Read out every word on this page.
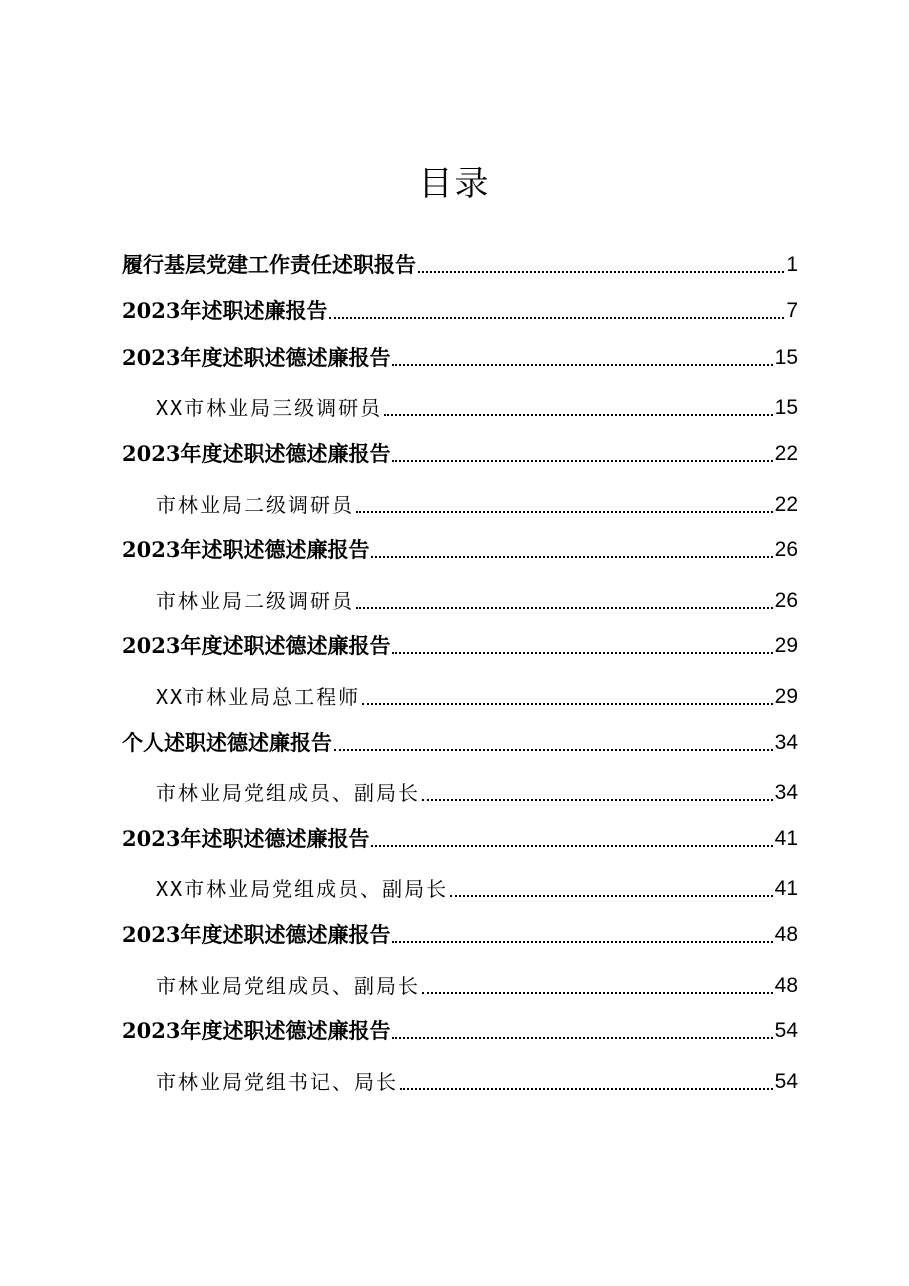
目录
履行基层党建工作责任述职报告	1
2023年述职述廉报告	7
2023年度述职述德述廉报告	15
XX市林业局三级调研员	15
2023年度述职述德述廉报告	22
市林业局二级调研员	22
2023年述职述德述廉报告	26
市林业局二级调研员	26
2023年度述职述德述廉报告	29
XX市林业局总工程师	29
个人述职述德述廉报告	34
市林业局党组成员、副局长	34
2023年述职述德述廉报告	41
XX市林业局党组成员、副局长	41
2023年度述职述德述廉报告	48
市林业局党组成员、副局长	48
2023年度述职述德述廉报告	54
市林业局党组书记、局长	54
